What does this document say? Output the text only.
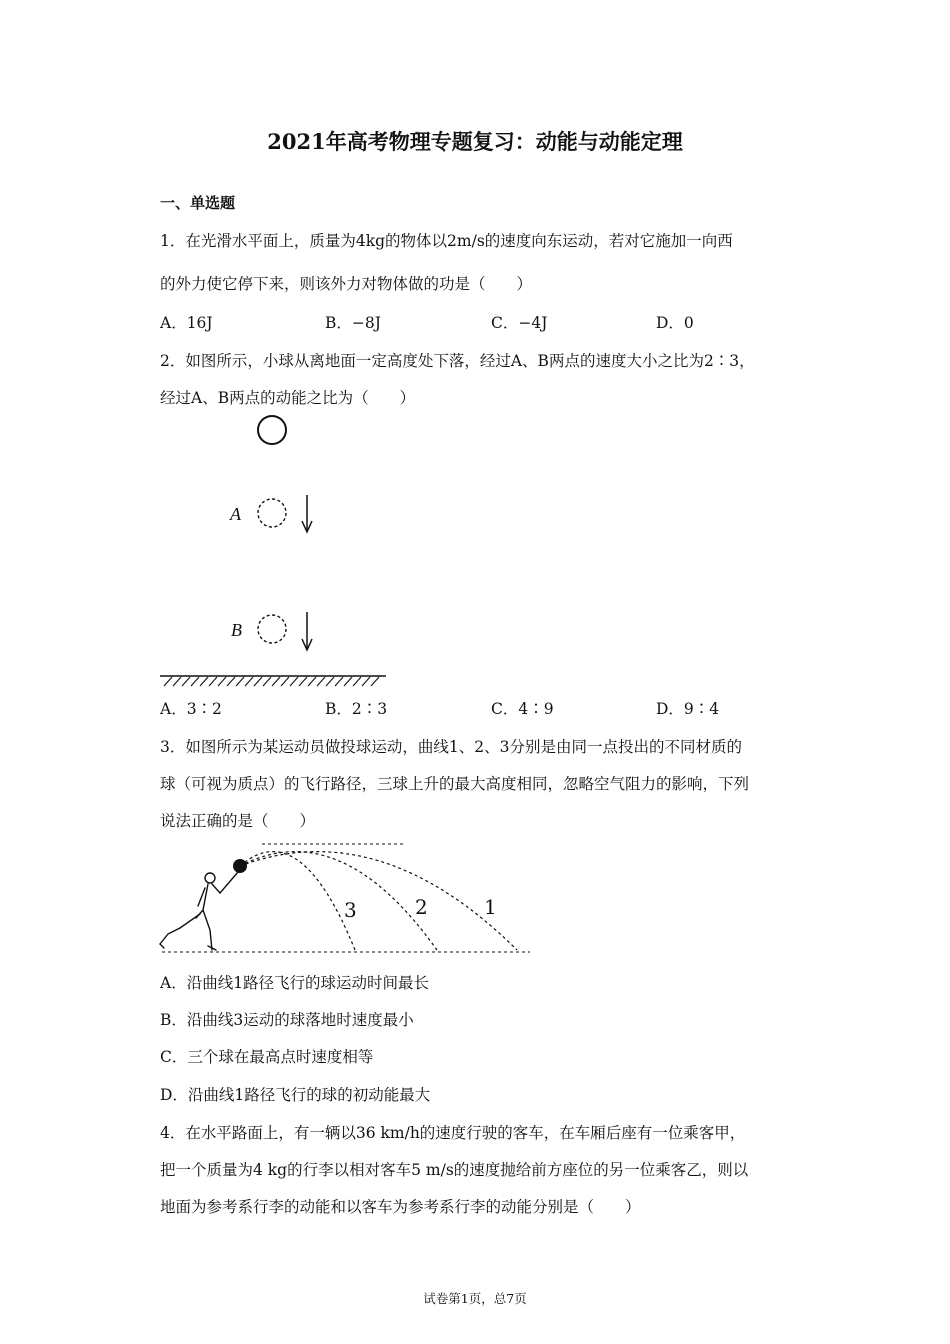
2021年高考物理专题复习：动能与动能定理
一、单选题
1．在光滑水平面上，质量为4kg的物体以2m/s的速度向东运动，若对它施加一向西
的外力使它停下来，则该外力对物体做的功是（　　）
A．16J	B．−8J	C．−4J	D．0
2．如图所示，小球从离地面一定高度处下落，经过A、B两点的速度大小之比为2∶3，
经过A、B两点的动能之比为（　　）
A
B
A．3∶2	B．2∶3	C．4∶9	D．9∶4
3．如图所示为某运动员做投球运动，曲线1、2、3分别是由同一点投出的不同材质的
球（可视为质点）的飞行路径，三球上升的最大高度相同，忽略空气阻力的影响，下列
说法正确的是（　　）
3	2	1
A．沿曲线1路径飞行的球运动时间最长
B．沿曲线3运动的球落地时速度最小
C．三个球在最高点时速度相等
D．沿曲线1路径飞行的球的初动能最大
4．在水平路面上，有一辆以36 km/h的速度行驶的客车，在车厢后座有一位乘客甲，
把一个质量为4 kg的行李以相对客车5 m/s的速度抛给前方座位的另一位乘客乙，则以
地面为参考系行李的动能和以客车为参考系行李的动能分别是（　　）
试卷第1页，总7页
